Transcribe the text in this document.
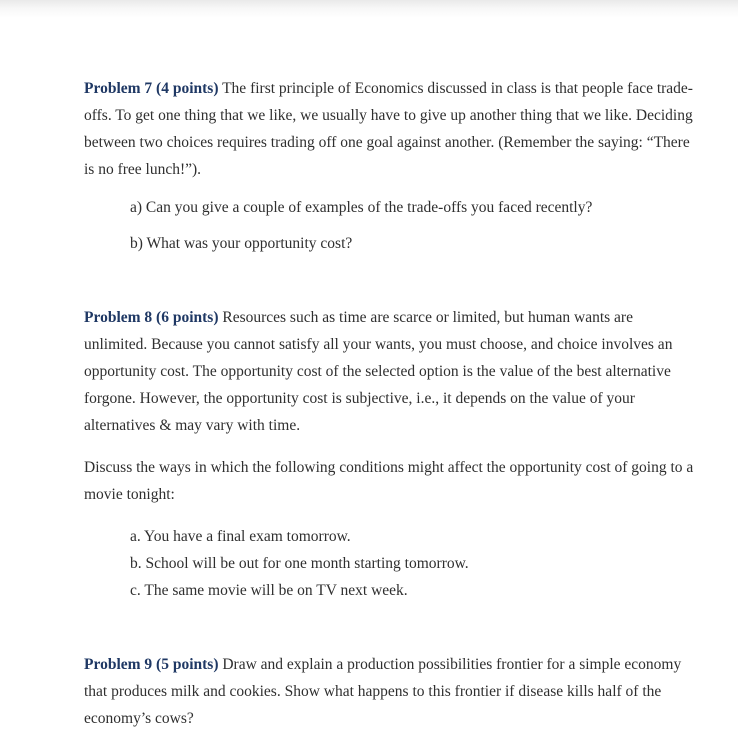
Problem 7 (4 points) The first principle of Economics discussed in class is that people face trade-offs. To get one thing that we like, we usually have to give up another thing that we like. Deciding between two choices requires trading off one goal against another. (Remember the saying: “There is no free lunch!”).

a) Can you give a couple of examples of the trade-offs you faced recently?

b) What was your opportunity cost?

Problem 8 (6 points) Resources such as time are scarce or limited, but human wants are unlimited. Because you cannot satisfy all your wants, you must choose, and choice involves an opportunity cost. The opportunity cost of the selected option is the value of the best alternative forgone. However, the opportunity cost is subjective, i.e., it depends on the value of your alternatives & may vary with time.

Discuss the ways in which the following conditions might affect the opportunity cost of going to a movie tonight:

a. You have a final exam tomorrow.

b. School will be out for one month starting tomorrow.

c. The same movie will be on TV next week.

Problem 9 (5 points) Draw and explain a production possibilities frontier for a simple economy that produces milk and cookies. Show what happens to this frontier if disease kills half of the economy’s cows?
